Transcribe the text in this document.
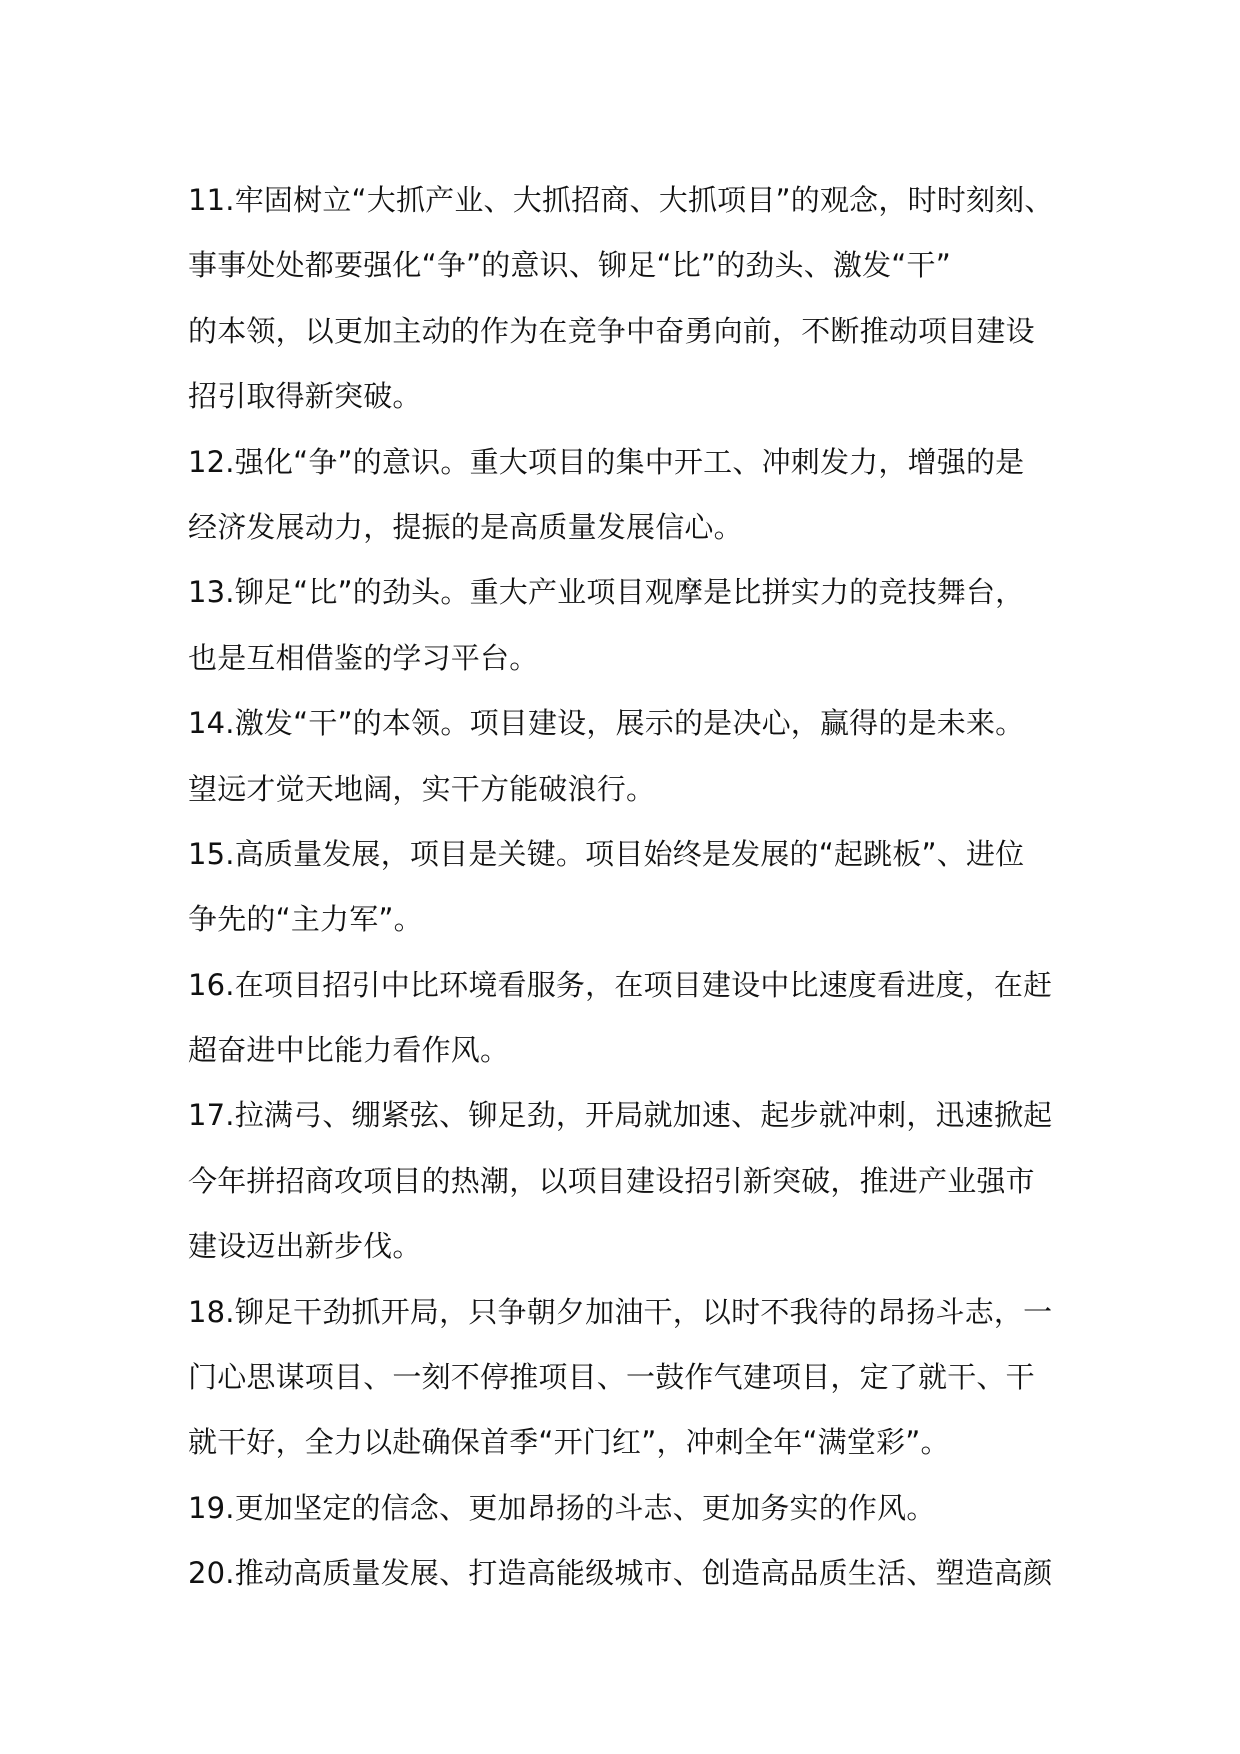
11.牢固树立“大抓产业、大抓招商、大抓项目”的观念，时时刻刻、
事事处处都要强化“争”的意识、铆足“比”的劲头、激发“干”
的本领，以更加主动的作为在竞争中奋勇向前，不断推动项目建设
招引取得新突破。
12.强化“争”的意识。重大项目的集中开工、冲刺发力，增强的是
经济发展动力，提振的是高质量发展信心。
13.铆足“比”的劲头。重大产业项目观摩是比拼实力的竞技舞台，
也是互相借鉴的学习平台。
14.激发“干”的本领。项目建设，展示的是决心，赢得的是未来。
望远才觉天地阔，实干方能破浪行。
15.高质量发展，项目是关键。项目始终是发展的“起跳板”、进位
争先的“主力军”。
16.在项目招引中比环境看服务，在项目建设中比速度看进度，在赶
超奋进中比能力看作风。
17.拉满弓、绷紧弦、铆足劲，开局就加速、起步就冲刺，迅速掀起
今年拼招商攻项目的热潮，以项目建设招引新突破，推进产业强市
建设迈出新步伐。
18.铆足干劲抓开局，只争朝夕加油干，以时不我待的昂扬斗志，一
门心思谋项目、一刻不停推项目、一鼓作气建项目，定了就干、干
就干好，全力以赴确保首季“开门红”，冲刺全年“满堂彩”。
19.更加坚定的信念、更加昂扬的斗志、更加务实的作风。
20.推动高质量发展、打造高能级城市、创造高品质生活、塑造高颜
